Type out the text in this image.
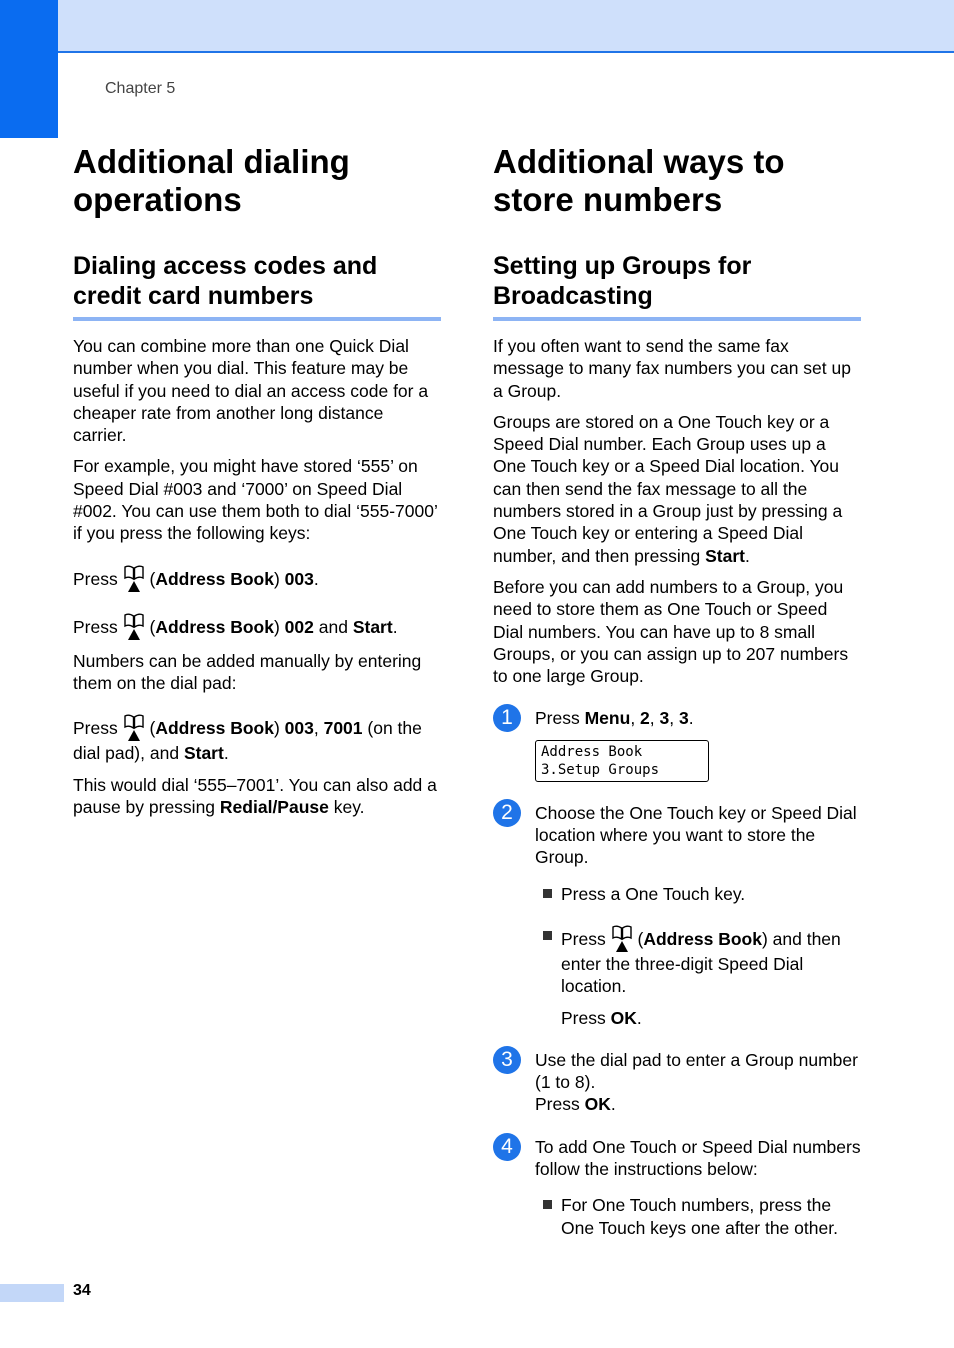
Chapter 5
Additional dialing operations
Dialing access codes and credit card numbers

You can combine more than one Quick Dial number when you dial. This feature may be useful if you need to dial an access code for a cheaper rate from another long distance carrier.

For example, you might have stored ‘555’ on Speed Dial #003 and ‘7000’ on Speed Dial #002. You can use them both to dial ‘555-7000’ if you press the following keys:

Press
(Address Book) 003.

Press
(Address Book) 002 and Start.

Numbers can be added manually by entering them on the dial pad:

Press
(Address Book) 003, 7001 (on the dial pad), and Start.

This would dial ‘555–7001’. You can also add a pause by pressing Redial/Pause key.

Additional ways to store numbers
Setting up Groups for Broadcasting

If you often want to send the same fax message to many fax numbers you can set up a Group.

Groups are stored on a One Touch key or a Speed Dial number. Each Group uses up a One Touch key or a Speed Dial location. You can then send the fax message to all the numbers stored in a Group just by pressing a One Touch key or entering a Speed Dial number, and then pressing Start.

Before you can add numbers to a Group, you need to store them as One Touch or Speed Dial numbers. You can have up to 8 small Groups, or you can assign up to 207 numbers to one large Group.

1	Press Menu, 2, 3, 3.

Address Book
3.Setup Groups
2	Choose the One Touch key or Speed Dial location where you want to store the Group.

Press a One Touch key.

Press
(Address Book) and then enter the three-digit Speed Dial location.

Press OK.

3	Use the dial pad to enter a Group number (1 to 8).

Press OK.

4	To add One Touch or Speed Dial numbers follow the instructions below:

For One Touch numbers, press the One Touch keys one after the other.

34
